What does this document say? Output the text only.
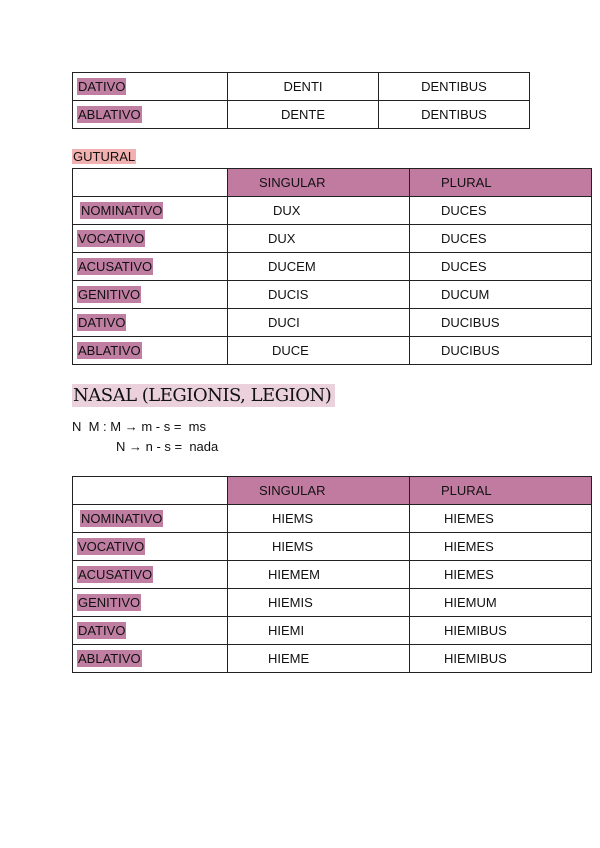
DATIVO	DENTI	DENTIBUS
ABLATIVO	DENTE	DENTIBUS
GUTURAL
	SINGULAR	PLURAL
NOMINATIVO	DUX	DUCES
VOCATIVO	DUX	DUCES
ACUSATIVO	DUCEM	DUCES
GENITIVO	DUCIS	DUCUM
DATIVO	DUCI	DUCIBUS
ABLATIVO	DUCE	DUCIBUS
NASAL (LEGIONIS, LEGION)
N  M : M → m - s =  ms
N → n - s =  nada
	SINGULAR	PLURAL
NOMINATIVO	HIEMS	HIEMES
VOCATIVO	HIEMS	HIEMES
ACUSATIVO	HIEMEM	HIEMES
GENITIVO	HIEMIS	HIEMUM
DATIVO	HIEMI	HIEMIBUS
ABLATIVO	HIEME	HIEMIBUS
